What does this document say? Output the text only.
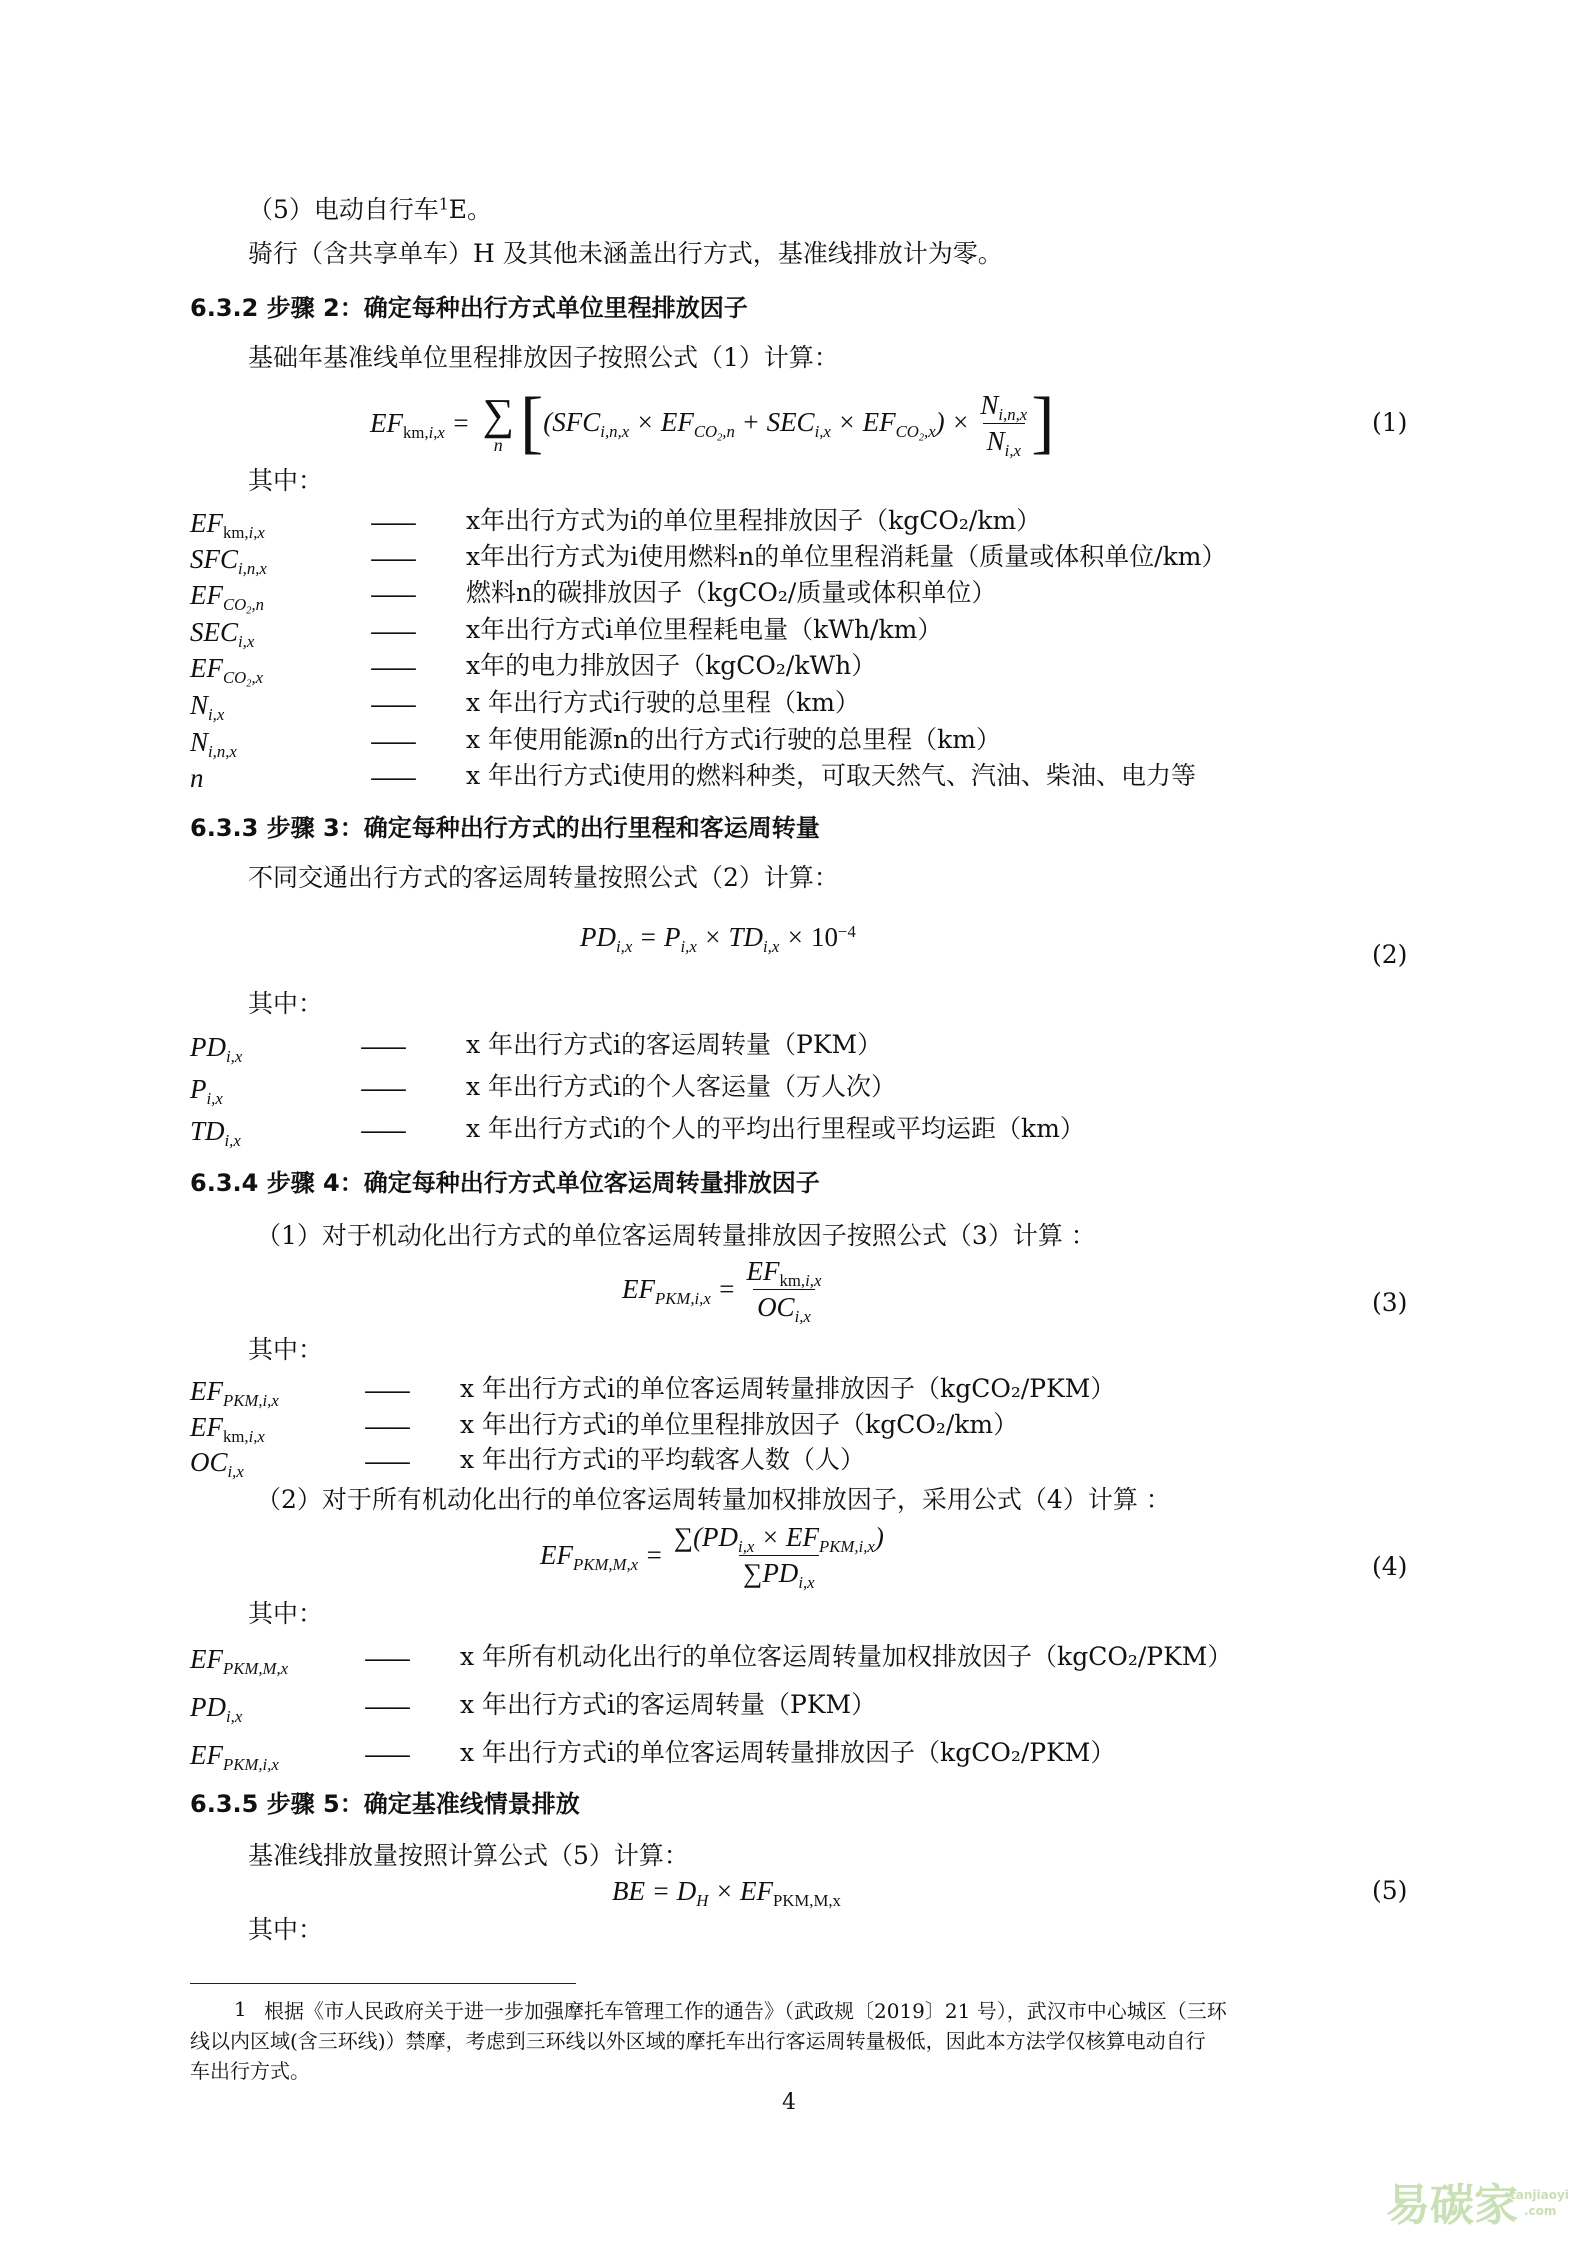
（5）电动自行车$^1$E。
骑行（含共享单车）H 及其他未涵盖出行方式，基准线排放计为零。
6.3.2 步骤 2：确定每种出行方式单位里程排放因子
基础年基准线单位里程排放因子按照公式（1）计算：
$EF_{km,i,x}$ = ∑
n [ $(SFC_{i,n,x} \times EF_{CO_2,n} + SEC_{i,x} \times EF_{CO_2,x}) \times \frac{N_{i,n,x}}{N_{i,x}}$ ]	(1)
其中：
$EF_{km,i,x}$	—— x年出行方式为i的单位里程排放因子（kgCO₂/km）
$SFC_{i,n,x}$	—— x年出行方式为i使用燃料n的单位里程消耗量（质量或体积单位/km）
$EF_{CO_2,n}$	—— 燃料n的碳排放因子（kgCO₂/质量或体积单位）
$SEC_{i,x}$	—— x年出行方式i单位里程耗电量（kWh/km）
$EF_{CO_2,x}$	—— x年的电力排放因子（kgCO₂/kWh）
$N_{i,x}$	—— x 年出行方式i行驶的总里程（km）
$N_{i,n,x}$	—— x 年使用能源n的出行方式i行驶的总里程（km）
n	—— x 年出行方式i使用的燃料种类，可取天然气、汽油、柴油、电力等
6.3.3 步骤 3：确定每种出行方式的出行里程和客运周转量
不同交通出行方式的客运周转量按照公式（2）计算：
$PD_{i,x} = P_{i,x} \times TD_{i,x} \times 10^{-4}$
(2)
其中：
$PD_{i,x}$	—— x 年出行方式i的客运周转量（PKM）
$P_{i,x}$	—— x 年出行方式i的个人客运量（万人次）
$TD_{i,x}$	—— x 年出行方式i的个人的平均出行里程或平均运距（km）
6.3.4 步骤 4：确定每种出行方式单位客运周转量排放因子
（1）对于机动化出行方式的单位客运周转量排放因子按照公式（3）计算 ：
$EF_{PKM,i,x} = \frac{EF_{km,i,x}}{OC_{i,x}}$	(3)
其中：
$EF_{PKM,i,x}$	—— x 年出行方式i的单位客运周转量排放因子（kgCO₂/PKM）
$EF_{km,i,x}$	—— x 年出行方式i的单位里程排放因子（kgCO₂/km）
$OC_{i,x}$	—— x 年出行方式i的平均载客人数（人）
（2）对于所有机动化出行的单位客运周转量加权排放因子，采用公式（4）计算 ：
$EF_{PKM,M,x} = \frac{\sum(PD_{i,x} \times EF_{PKM,i,x})}{\sum PD_{i,x}}$	(4)
其中：
$EF_{PKM,M,x}$	—— x 年所有机动化出行的单位客运周转量加权排放因子（kgCO₂/PKM）
$PD_{i,x}$	—— x 年出行方式i的客运周转量（PKM）
$EF_{PKM,i,x}$	—— x 年出行方式i的单位客运周转量排放因子（kgCO₂/PKM）
6.3.5 步骤 5：确定基准线情景排放
基准线排放量按照计算公式（5）计算：
BE = $D_H \times EF_{PKM,M,x}$	(5)
其中：
1 根据《市人民政府关于进一步加强摩托车管理工作的通告》（武政规〔2019〕21 号），武汉市中心城区（三环
线以内区域(含三环线)）禁摩，考虑到三环线以外区域的摩托车出行客运周转量极低，因此本方法学仅核算电动自行
车出行方式。
4
易碳家
tanjiaoyi
.com
